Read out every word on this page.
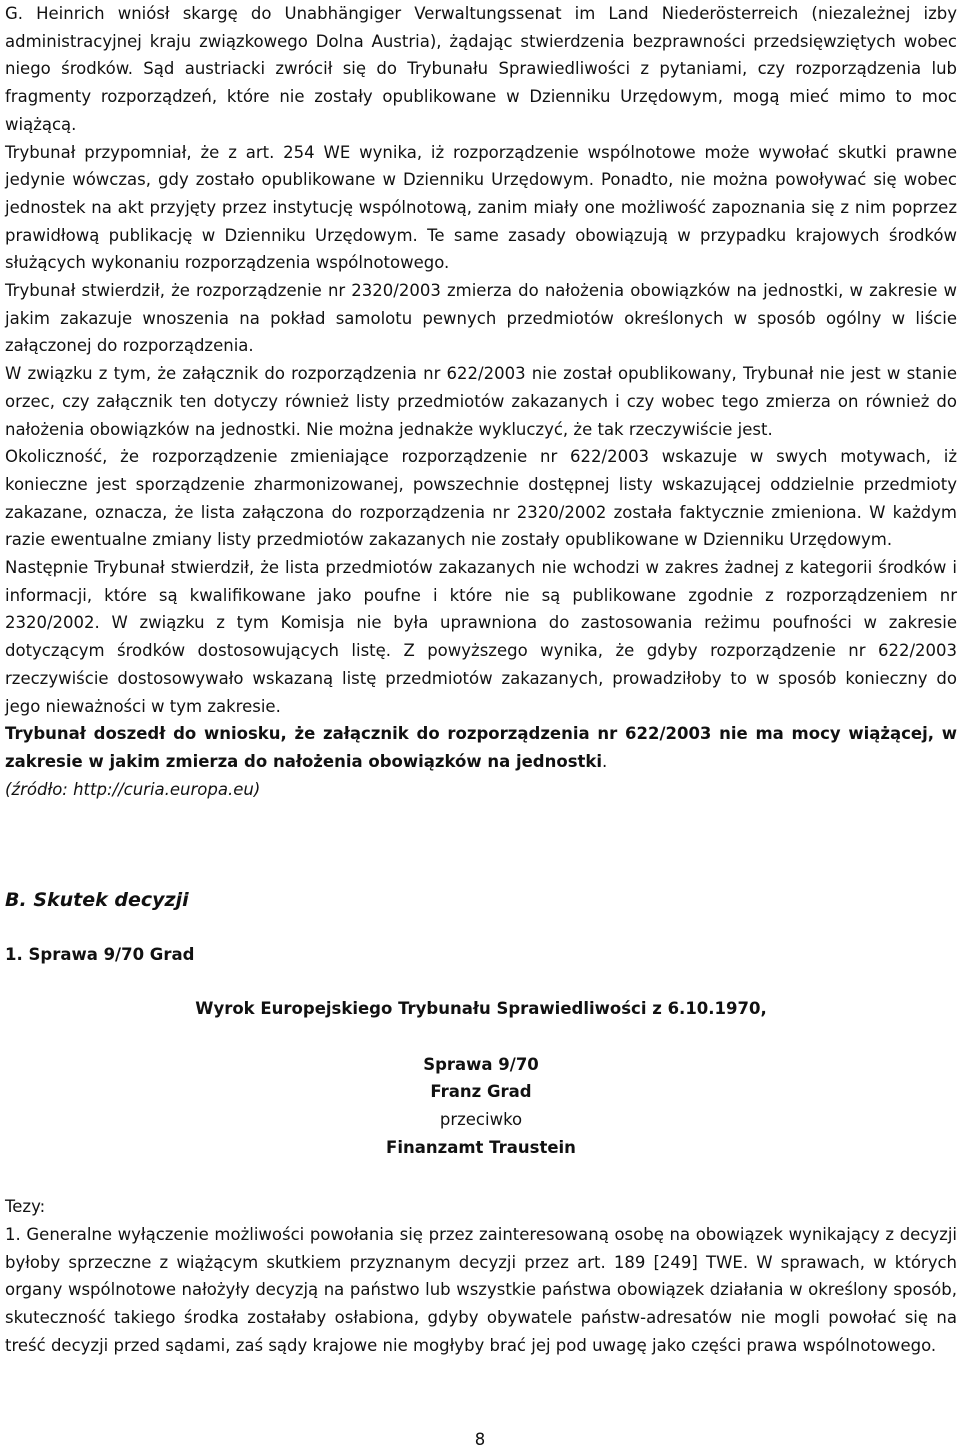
G. Heinrich wniósł skargę do Unabhängiger Verwaltungssenat im Land Niederösterreich (niezależnej izby administracyjnej kraju związkowego Dolna Austria), żądając stwierdzenia bezprawności przedsięwziętych wobec niego środków. Sąd austriacki zwrócił się do Trybunału Sprawiedliwości z pytaniami, czy rozporządzenia lub fragmenty rozporządzeń, które nie zostały opublikowane w Dzienniku Urzędowym, mogą mieć mimo to moc wiążącą.

Trybunał przypomniał, że z art. 254 WE wynika, iż rozporządzenie wspólnotowe może wywołać skutki prawne jedynie wówczas, gdy zostało opublikowane w Dzienniku Urzędowym. Ponadto, nie można powoływać się wobec jednostek na akt przyjęty przez instytucję wspólnotową, zanim miały one możliwość zapoznania się z nim poprzez prawidłową publikację w Dzienniku Urzędowym. Te same zasady obowiązują w przypadku krajowych środków służących wykonaniu rozporządzenia wspólnotowego.

Trybunał stwierdził, że rozporządzenie nr 2320/2003 zmierza do nałożenia obowiązków na jednostki, w zakresie w jakim zakazuje wnoszenia na pokład samolotu pewnych przedmiotów określonych w sposób ogólny w liście załączonej do rozporządzenia.

W związku z tym, że załącznik do rozporządzenia nr 622/2003 nie został opublikowany, Trybunał nie jest w stanie orzec, czy załącznik ten dotyczy również listy przedmiotów zakazanych i czy wobec tego zmierza on również do nałożenia obowiązków na jednostki. Nie można jednakże wykluczyć, że tak rzeczywiście jest.

Okoliczność, że rozporządzenie zmieniające rozporządzenie nr 622/2003 wskazuje w swych motywach, iż konieczne jest sporządzenie zharmonizowanej, powszechnie dostępnej listy wskazującej oddzielnie przedmioty zakazane, oznacza, że lista załączona do rozporządzenia nr 2320/2002 została faktycznie zmieniona. W każdym razie ewentualne zmiany listy przedmiotów zakazanych nie zostały opublikowane w Dzienniku Urzędowym.

Następnie Trybunał stwierdził, że lista przedmiotów zakazanych nie wchodzi w zakres żadnej z kategorii środków i informacji, które są kwalifikowane jako poufne i które nie są publikowane zgodnie z rozporządzeniem nr 2320/2002. W związku z tym Komisja nie była uprawniona do zastosowania reżimu poufności w zakresie dotyczącym środków dostosowujących listę. Z powyższego wynika, że gdyby rozporządzenie nr 622/2003 rzeczywiście dostosowywało wskazaną listę przedmiotów zakazanych, prowadziłoby to w sposób konieczny do jego nieważności w tym zakresie.

Trybunał doszedł do wniosku, że załącznik do rozporządzenia nr 622/2003 nie ma mocy wiążącej, w zakresie w jakim zmierza do nałożenia obowiązków na jednostki.

(źródło: http://curia.europa.eu)

B. Skutek decyzji

1. Sprawa 9/70 Grad

Wyrok Europejskiego Trybunału Sprawiedliwości z 6.10.1970,

Sprawa 9/70

Franz Grad

przeciwko

Finanzamt Traustein

Tezy:

1. Generalne wyłączenie możliwości powołania się przez zainteresowaną osobę na obowiązek wynikający z decyzji byłoby sprzeczne z wiążącym skutkiem przyznanym decyzji przez art. 189 [249] TWE. W sprawach, w których organy wspólnotowe nałożyły decyzją na państwo lub wszystkie państwa obowiązek działania w określony sposób, skuteczność takiego środka zostałaby osłabiona, gdyby obywatele państw-adresatów nie mogli powołać się na treść decyzji przed sądami, zaś sądy krajowe nie mogłyby brać jej pod uwagę jako części prawa wspólnotowego.

8
